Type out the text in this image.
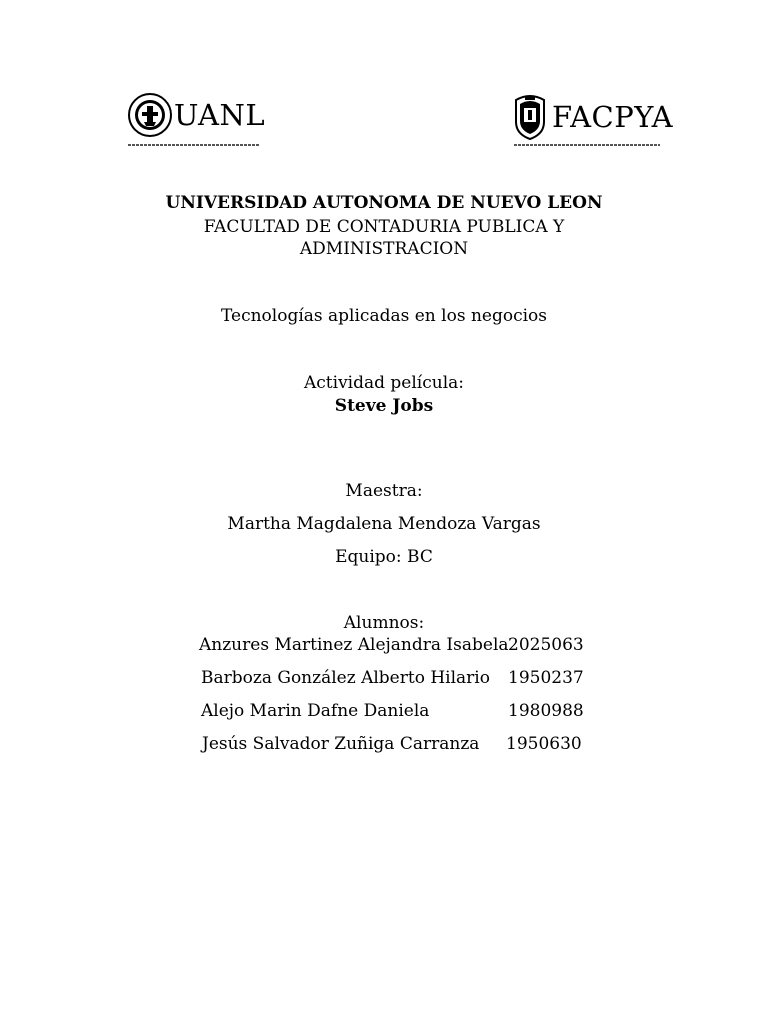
UANL	FACPYA
UNIVERSIDAD AUTONOMA DE NUEVO LEON
FACULTAD DE CONTADURIA PUBLICA Y
ADMINISTRACION
Tecnologías aplicadas en los negocios
Actividad película:
Steve Jobs
Maestra:
Martha Magdalena Mendoza Vargas
Equipo: BC
Alumnos:
Anzures Martinez Alejandra Isabela 2025063
Barboza González Alberto Hilario 1950237
Alejo Marin Dafne Daniela	1980988
Jesús Salvador Zuñiga Carranza 1950630
